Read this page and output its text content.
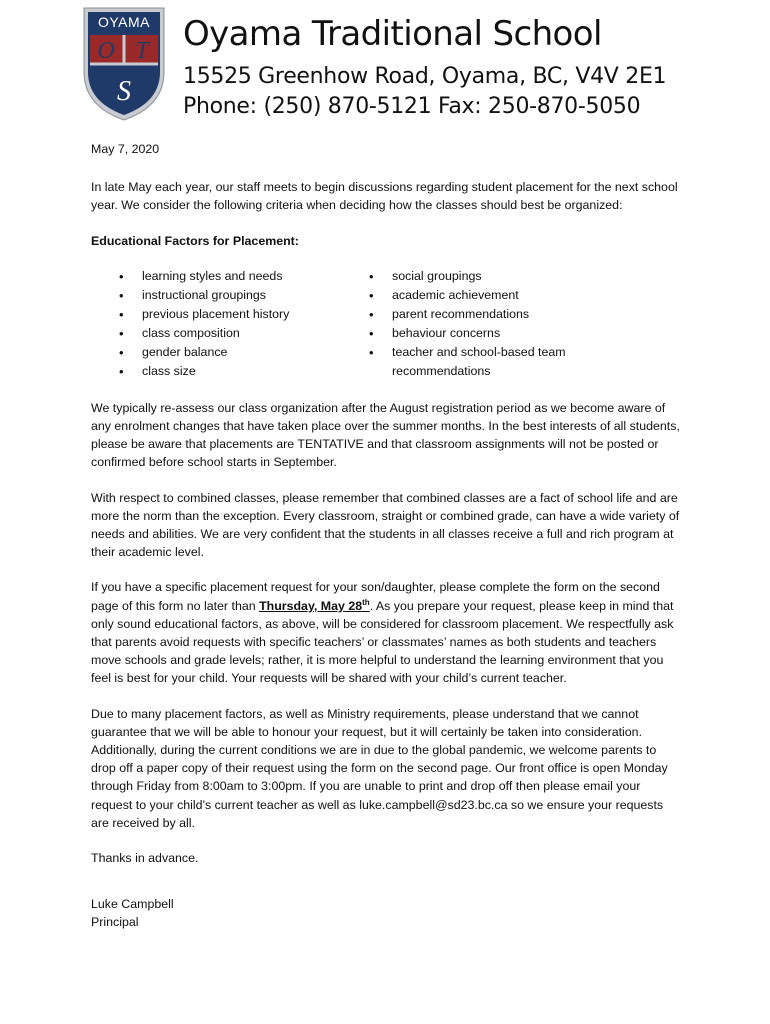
OYAMA
O T
S
Oyama Traditional School
15525 Greenhow Road, Oyama, BC, V4V 2E1
Phone: (250) 870-5121 Fax: 250-870-5050

May 7, 2020

In late May each year, our staff meets to begin discussions regarding student placement for the next school year. We consider the following criteria when deciding how the classes should best be organized:

Educational Factors for Placement:

• learning styles and needs
• instructional groupings
• previous placement history
• class composition
• gender balance
• class size
• social groupings
• academic achievement
• parent recommendations
• behaviour concerns
• teacher and school-based team recommendations

We typically re-assess our class organization after the August registration period as we become aware of any enrolment changes that have taken place over the summer months. In the best interests of all students, please be aware that placements are TENTATIVE and that classroom assignments will not be posted or confirmed before school starts in September.

With respect to combined classes, please remember that combined classes are a fact of school life and are more the norm than the exception. Every classroom, straight or combined grade, can have a wide variety of needs and abilities. We are very confident that the students in all classes receive a full and rich program at their academic level.

If you have a specific placement request for your son/daughter, please complete the form on the second page of this form no later than Thursday, May 28th. As you prepare your request, please keep in mind that only sound educational factors, as above, will be considered for classroom placement. We respectfully ask that parents avoid requests with specific teachers’ or classmates’ names as both students and teachers move schools and grade levels; rather, it is more helpful to understand the learning environment that you feel is best for your child. Your requests will be shared with your child’s current teacher.

Due to many placement factors, as well as Ministry requirements, please understand that we cannot guarantee that we will be able to honour your request, but it will certainly be taken into consideration. Additionally, during the current conditions we are in due to the global pandemic, we welcome parents to drop off a paper copy of their request using the form on the second page. Our front office is open Monday through Friday from 8:00am to 3:00pm. If you are unable to print and drop off then please email your request to your child's current teacher as well as luke.campbell@sd23.bc.ca so we ensure your requests are received by all.

Thanks in advance.

Luke Campbell

Principal
